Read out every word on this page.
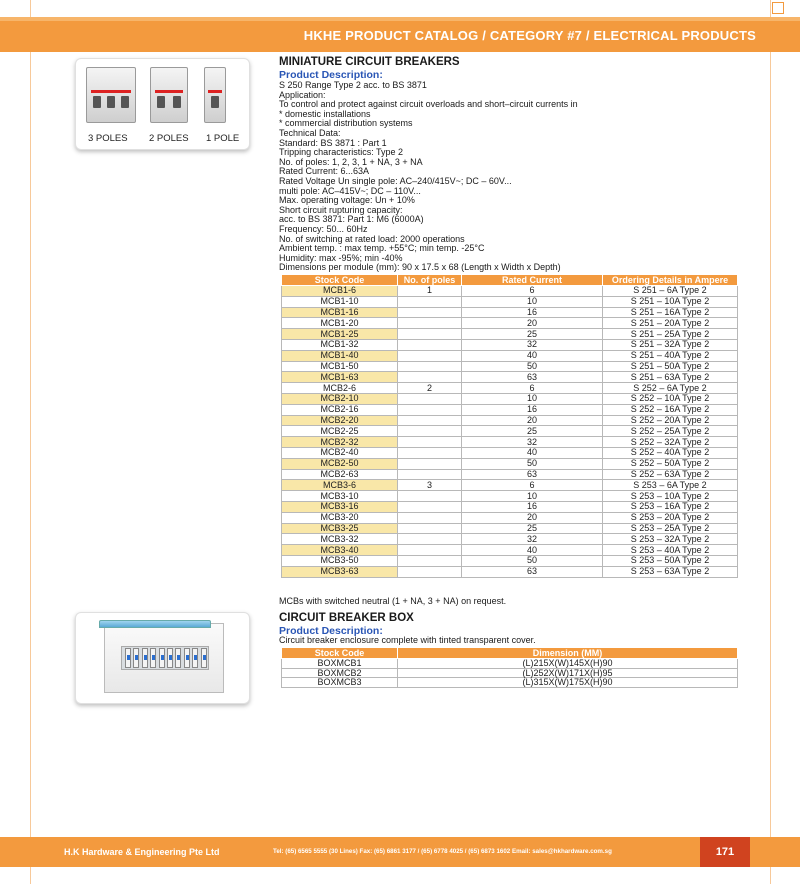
HKHE PRODUCT CATALOG / CATEGORY #7 / ELECTRICAL PRODUCTS
3 POLES 2 POLES 1 POLE
MINIATURE CIRCUIT BREAKERS
Product Description:
S 250 Range Type 2 acc. to BS 3871
Application:
To control and protect against circuit overloads and short–circuit currents in
* domestic installations
* commercial distribution systems
Technical Data:
Standard: BS 3871 : Part 1
Tripping characteristics: Type 2
No. of poles: 1, 2, 3, 1 + NA, 3 + NA
Rated Current: 6...63A
Rated Voltage Un single pole: AC–240/415V~; DC – 60V...
multi pole: AC–415V~; DC – 110V...
Max. operating voltage: Un + 10%
Short circuit rupturing capacity:
acc. to BS 3871: Part 1: M6 (6000A)
Frequency: 50... 60Hz
No. of switching at rated load: 2000 operations
Ambient temp. : max temp. +55°C; min temp. -25°C
Humidity: max -95%; min -40%
Dimensions per module (mm): 90 x 17.5 x 68 (Length x Width x Depth)
Stock Code	No. of poles	Rated Current	Ordering Details in Ampere
MCB1-6	1	6	S 251 – 6A Type 2
MCB1-10		10	S 251 – 10A Type 2
MCB1-16		16	S 251 – 16A Type 2
MCB1-20		20	S 251 – 20A Type 2
MCB1-25		25	S 251 – 25A Type 2
MCB1-32		32	S 251 – 32A Type 2
MCB1-40		40	S 251 – 40A Type 2
MCB1-50		50	S 251 – 50A Type 2
MCB1-63		63	S 251 – 63A Type 2
MCB2-6	2	6	S 252 – 6A Type 2
MCB2-10		10	S 252 – 10A Type 2
MCB2-16		16	S 252 – 16A Type 2
MCB2-20		20	S 252 – 20A Type 2
MCB2-25		25	S 252 – 25A Type 2
MCB2-32		32	S 252 – 32A Type 2
MCB2-40		40	S 252 – 40A Type 2
MCB2-50		50	S 252 – 50A Type 2
MCB2-63		63	S 252 – 63A Type 2
MCB3-6	3	6	S 253 – 6A Type 2
MCB3-10		10	S 253 – 10A Type 2
MCB3-16		16	S 253 – 16A Type 2
MCB3-20		20	S 253 – 20A Type 2
MCB3-25		25	S 253 – 25A Type 2
MCB3-32		32	S 253 – 32A Type 2
MCB3-40		40	S 253 – 40A Type 2
MCB3-50		50	S 253 – 50A Type 2
MCB3-63		63	S 253 – 63A Type 2
MCBs with switched neutral (1 + NA, 3 + NA) on request.
CIRCUIT BREAKER BOX
Product Description:
Circuit breaker enclosure complete with tinted transparent cover.
Stock Code	Dimension (MM)
BOXMCB1	(L)215X(W)145X(H)90
BOXMCB2	(L)252X(W)171X(H)95
BOXMCB3	(L)315X(W)175X(H)90
H.K Hardware & Engineering Pte Ltd	Tel: (65) 6565 5555 (30 Lines) Fax: (65) 6861 3177 / (65) 6778 4025 / (65) 6873 1602 Email: sales@hkhardware.com.sg	171
